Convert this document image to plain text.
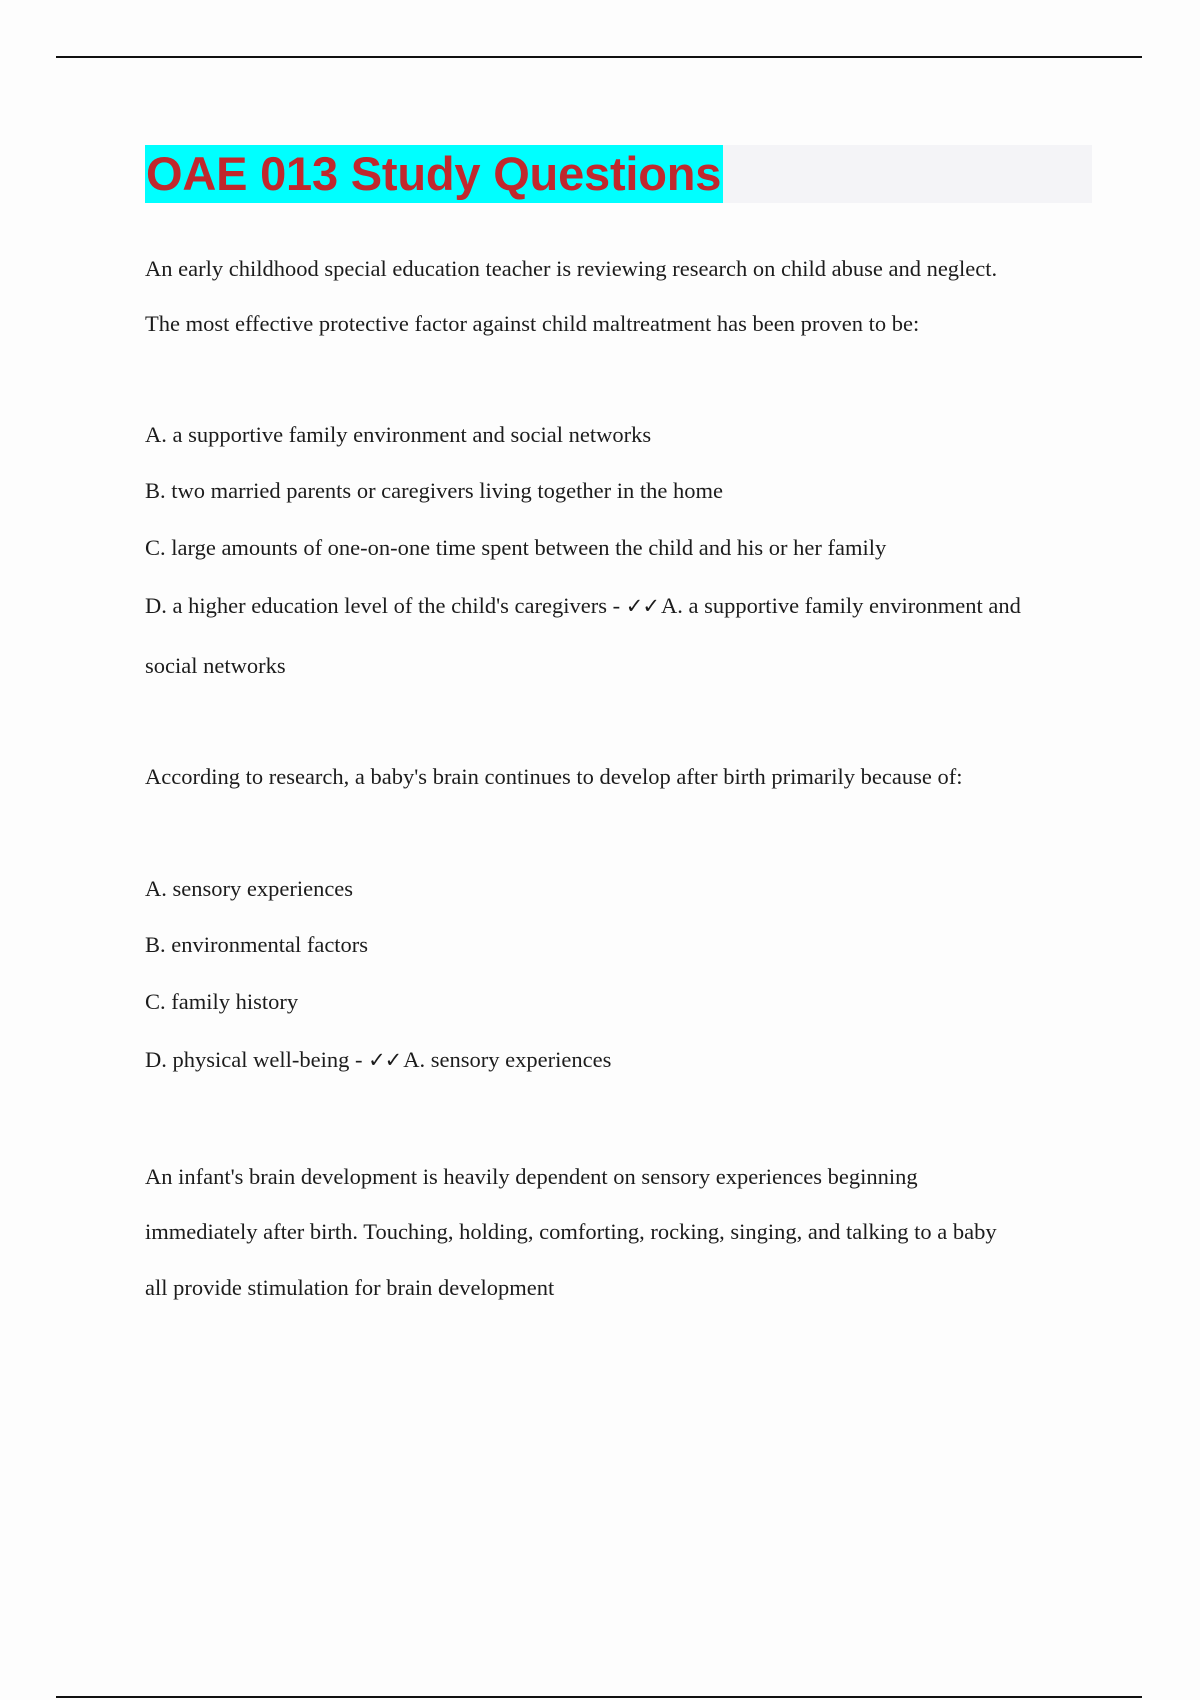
OAE 013 Study Questions
An early childhood special education teacher is reviewing research on child abuse and neglect.
The most effective protective factor against child maltreatment has been proven to be:
A. a supportive family environment and social networks
B. two married parents or caregivers living together in the home
C. large amounts of one-on-one time spent between the child and his or her family
D. a higher education level of the child's caregivers - ✓✓A. a supportive family environment and
social networks
According to research, a baby's brain continues to develop after birth primarily because of:
A. sensory experiences
B. environmental factors
C. family history
D. physical well-being - ✓✓A. sensory experiences
An infant's brain development is heavily dependent on sensory experiences beginning
immediately after birth. Touching, holding, comforting, rocking, singing, and talking to a baby
all provide stimulation for brain development
